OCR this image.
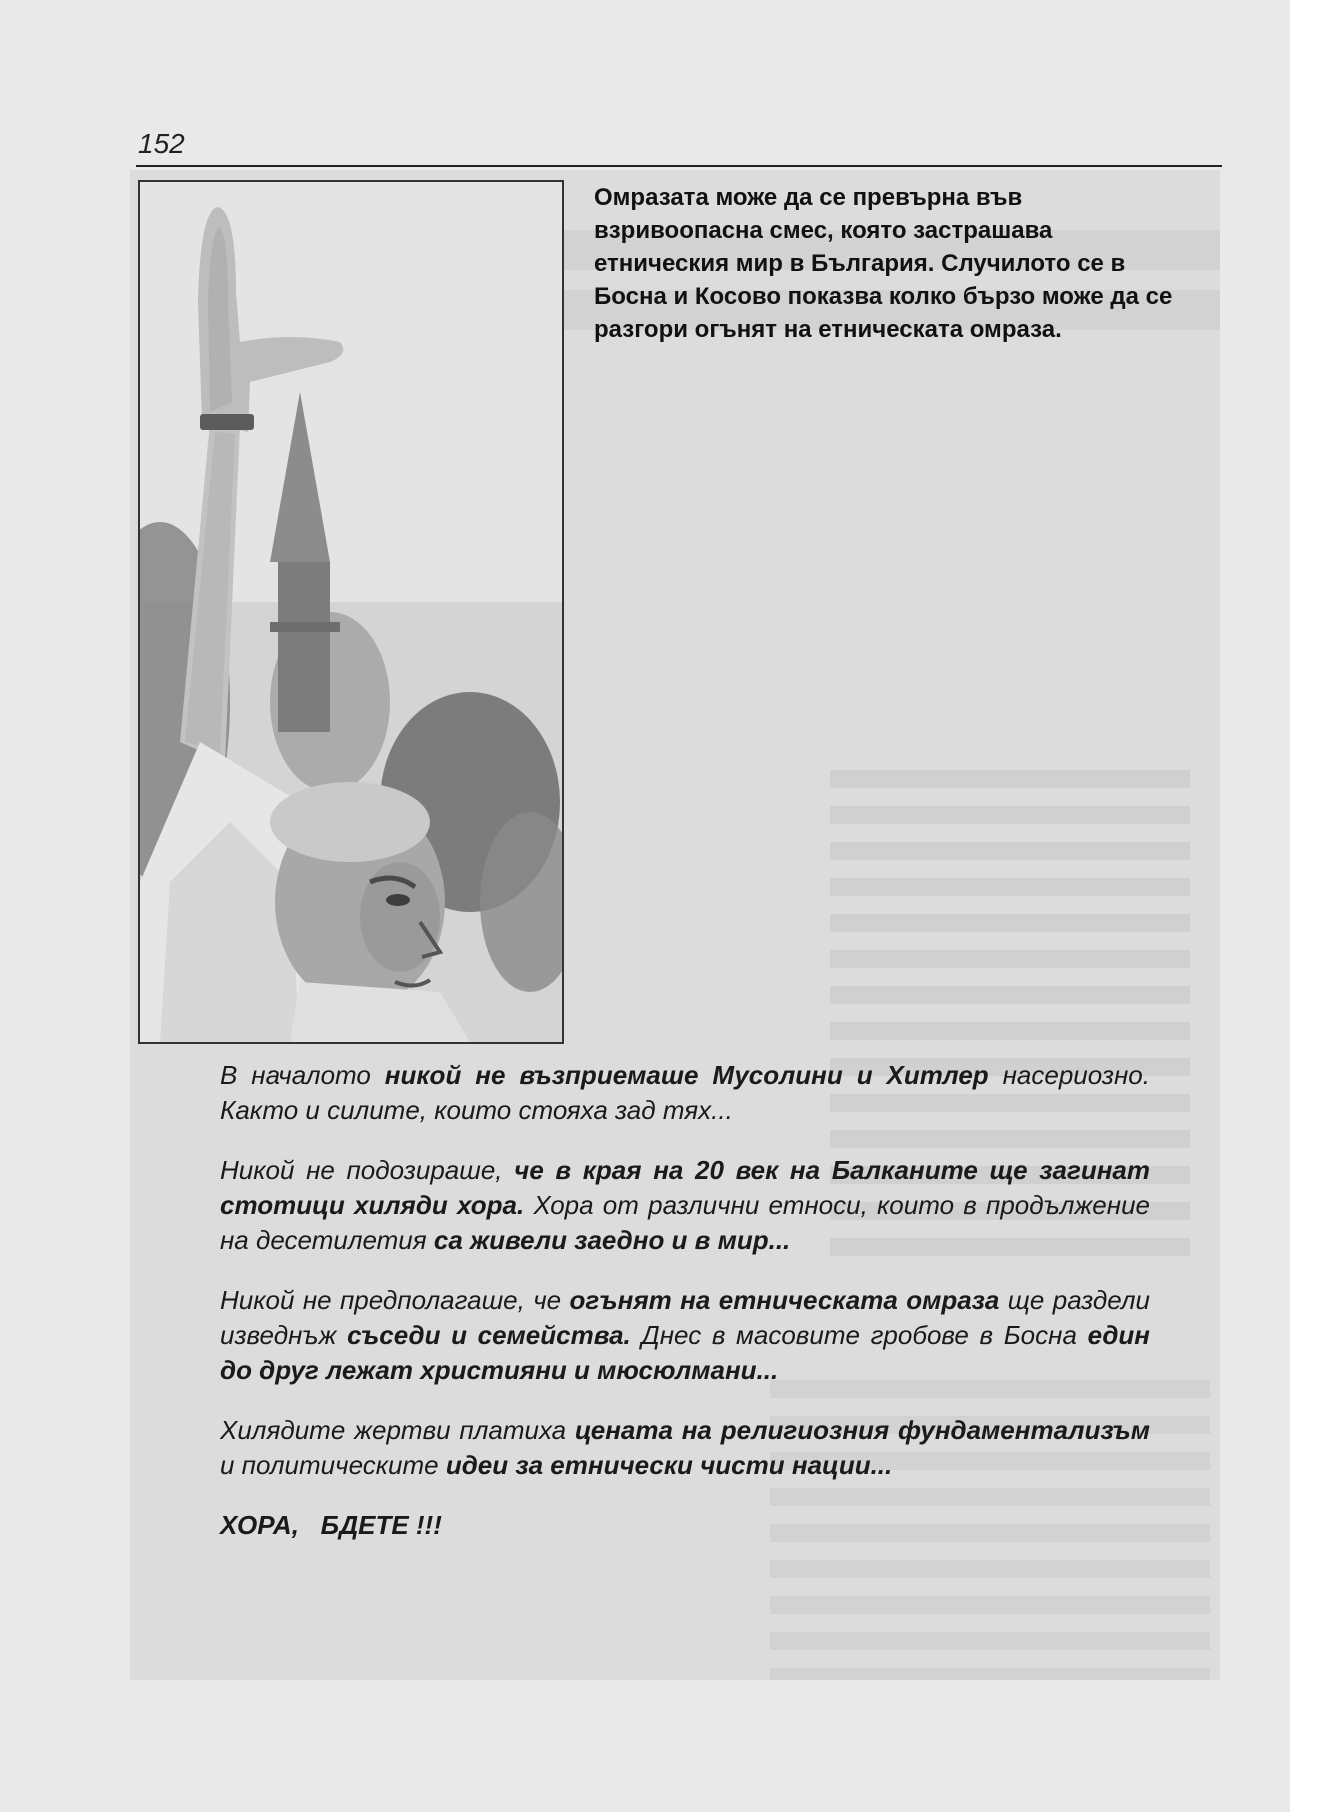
152
Омразата може да се превърна във взривоопасна смес, която застрашава етническия мир в България. Случилото се в Босна и Косово показва колко бързо може да се разгори огънят на етническата омраза.

В началото никой не възприемаше Мусолини и Хитлер насериозно. Както и силите, които стояха зад тях...

Никой не подозираше, че в края на 20 век на Балканите ще загинат стотици хиляди хора. Хора от различни етноси, които в продължение на десетилетия са живели заедно и в мир...

Никой не предполагаше, че огънят на етническата омраза ще раздели изведнъж съседи и семейства. Днес в масовите гробове в Босна един до друг лежат християни и мюсюлмани...

Хилядите жертви платиха цената на религиозния фундаментализъм и политическите идеи за етнически чисти нации...

ХОРА,   БДЕТЕ !!!
